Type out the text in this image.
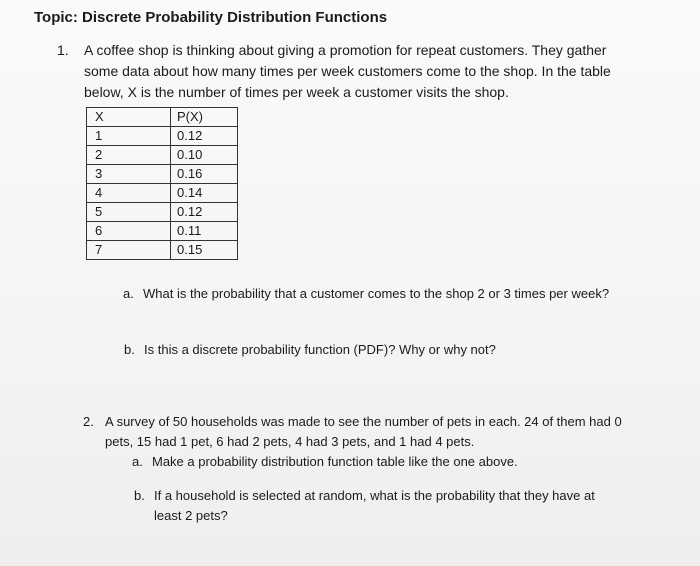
Topic: Discrete Probability Distribution Functions
1. A coffee shop is thinking about giving a promotion for repeat customers. They gather some data about how many times per week customers come to the shop. In the table below, X is the number of times per week a customer visits the shop.
X	P(X)
1	0.12
2	0.10
3	0.16
4	0.14
5	0.12
6	0.11
7	0.15
a. What is the probability that a customer comes to the shop 2 or 3 times per week?
b. Is this a discrete probability function (PDF)? Why or why not?
2. A survey of 50 households was made to see the number of pets in each. 24 of them had 0 pets, 15 had 1 pet, 6 had 2 pets, 4 had 3 pets, and 1 had 4 pets.
a. Make a probability distribution function table like the one above.
b. If a household is selected at random, what is the probability that they have at least 2 pets?
